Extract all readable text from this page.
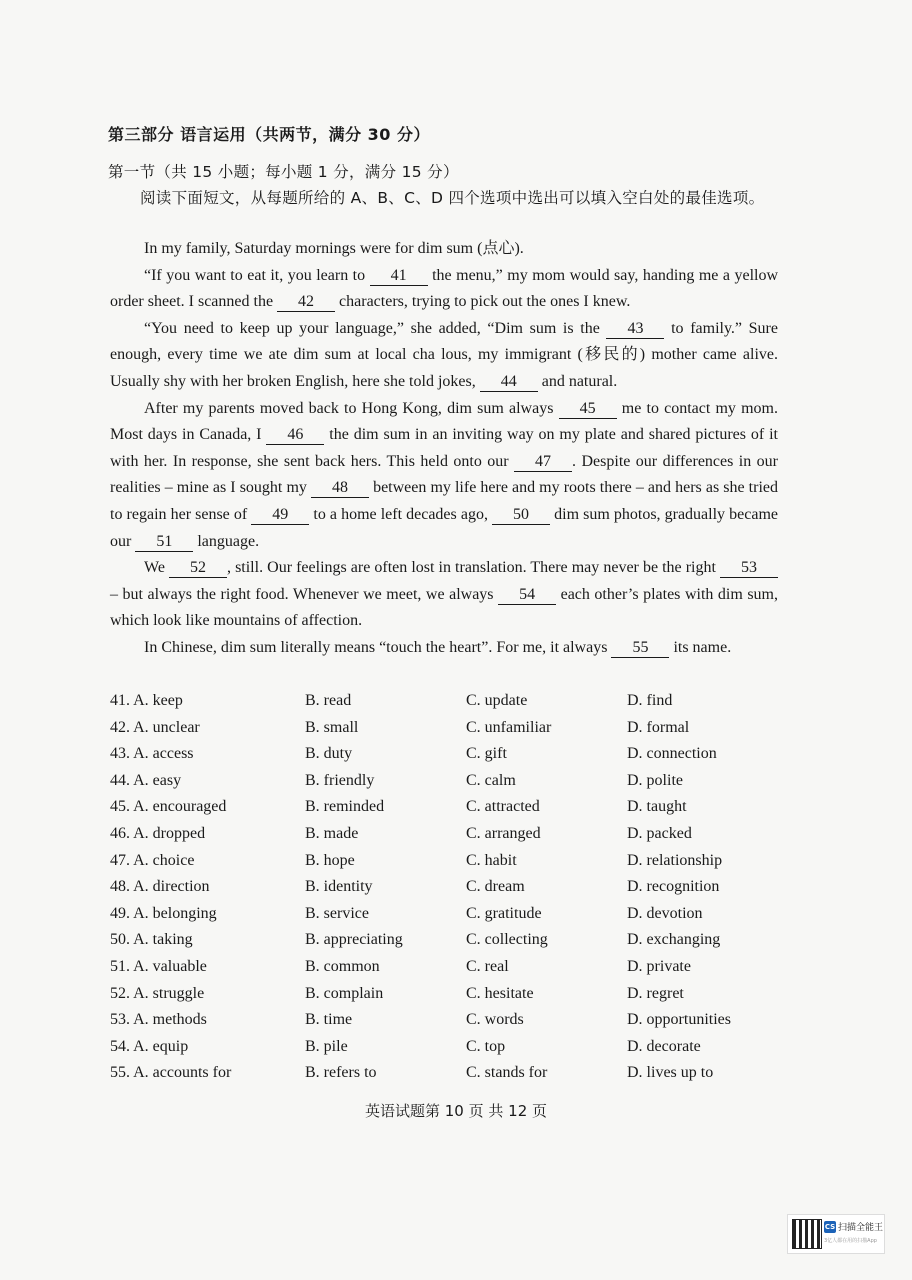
第三部分 语言运用（共两节，满分 30 分）
第一节（共 15 小题；每小题 1 分，满分 15 分）
阅读下面短文，从每题所给的 A、B、C、D 四个选项中选出可以填入空白处的最佳选项。

In my family, Saturday mornings were for dim sum (点心).

“If you want to eat it, you learn to 41 the menu,” my mom would say, handing me a yellow order sheet. I scanned the 42 characters, trying to pick out the ones I knew.

“You need to keep up your language,” she added, “Dim sum is the 43 to family.” Sure enough, every time we ate dim sum at local cha lous, my immigrant (移民的) mother came alive. Usually shy with her broken English, here she told jokes, 44 and natural.

After my parents moved back to Hong Kong, dim sum always 45 me to contact my mom. Most days in Canada, I 46 the dim sum in an inviting way on my plate and shared pictures of it with her. In response, she sent back hers. This held onto our 47 . Despite our differences in our realities – mine as I sought my 48 between my life here and my roots there – and hers as she tried to regain her sense of 49 to a home left decades ago, 50 dim sum photos, gradually became our 51 language.

We 52 , still. Our feelings are often lost in translation. There may never be the right 53 – but always the right food. Whenever we meet, we always 54 each other’s plates with dim sum, which look like mountains of affection.

In Chinese, dim sum literally means “touch the heart”. For me, it always 55 its name.

41. A. keep	B. read	C. update	D. find
42. A. unclear	B. small	C. unfamiliar	D. formal
43. A. access	B. duty	C. gift	D. connection
44. A. easy	B. friendly	C. calm	D. polite
45. A. encouraged	B. reminded	C. attracted	D. taught
46. A. dropped	B. made	C. arranged	D. packed
47. A. choice	B. hope	C. habit	D. relationship
48. A. direction	B. identity	C. dream	D. recognition
49. A. belonging	B. service	C. gratitude	D. devotion
50. A. taking	B. appreciating	C. collecting	D. exchanging
51. A. valuable	B. common	C. real	D. private
52. A. struggle	B. complain	C. hesitate	D. regret
53. A. methods	B. time	C. words	D. opportunities
54. A. equip	B. pile	C. top	D. decorate
55. A. accounts for	B. refers to	C. stands for	D. lives up to
英语试题第 10 页 共 12 页
CS 扫描全能王
3亿人都在用的扫描App
